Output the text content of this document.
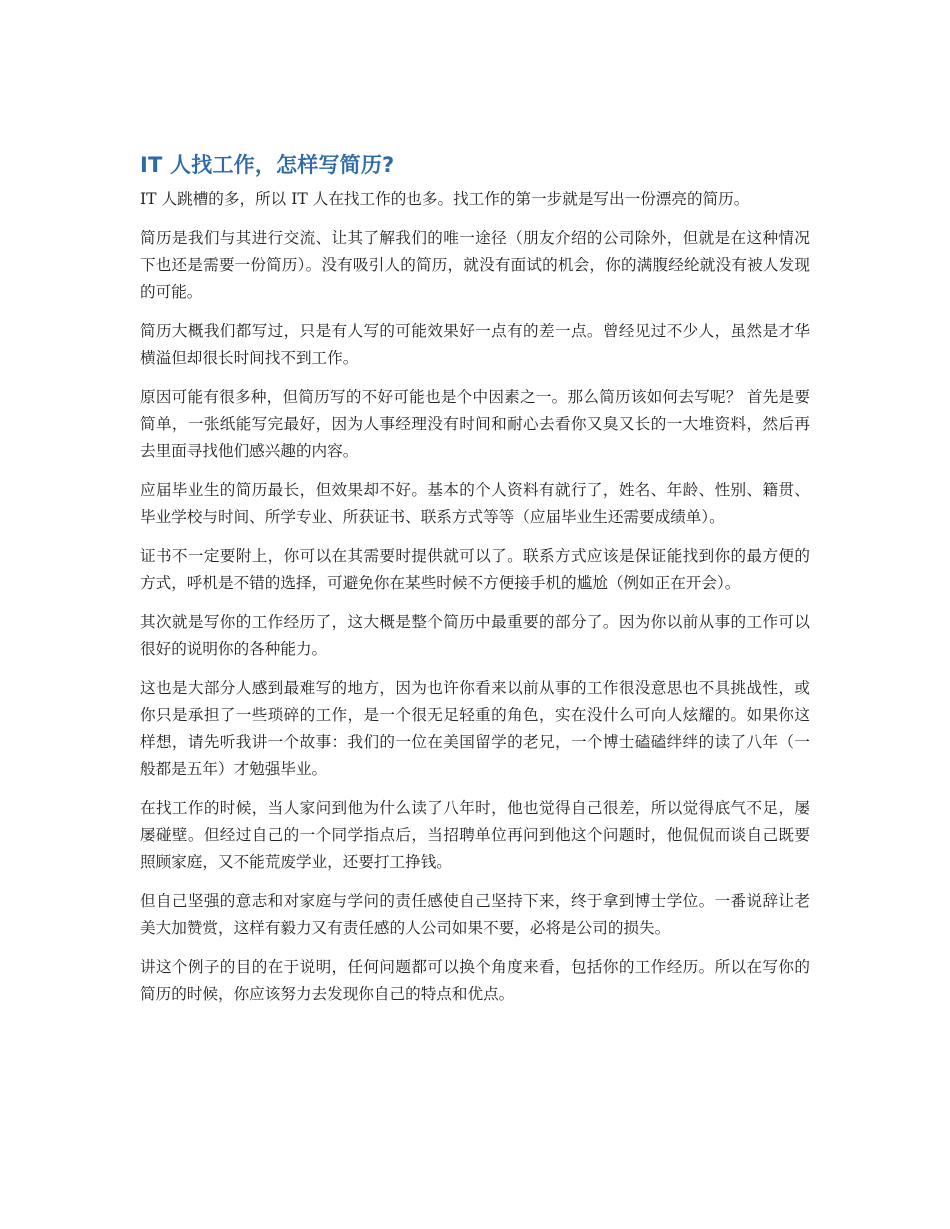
IT 人找工作，怎样写简历?

IT 人跳槽的多，所以 IT 人在找工作的也多。找工作的第一步就是写出一份漂亮的简历。

简历是我们与其进行交流、让其了解我们的唯一途径（朋友介绍的公司除外，但就是在这种情况下也还是需要一份简历）。没有吸引人的简历，就没有面试的机会，你的满腹经纶就没有被人发现的可能。

简历大概我们都写过，只是有人写的可能效果好一点有的差一点。曾经见过不少人，虽然是才华横溢但却很长时间找不到工作。

原因可能有很多种，但简历写的不好可能也是个中因素之一。那么简历该如何去写呢？ 首先是要简单，一张纸能写完最好，因为人事经理没有时间和耐心去看你又臭又长的一大堆资料，然后再去里面寻找他们感兴趣的内容。

应届毕业生的简历最长，但效果却不好。基本的个人资料有就行了，姓名、年龄、性别、籍贯、毕业学校与时间、所学专业、所获证书、联系方式等等（应届毕业生还需要成绩单）。

证书不一定要附上，你可以在其需要时提供就可以了。联系方式应该是保证能找到你的最方便的方式，呼机是不错的选择，可避免你在某些时候不方便接手机的尴尬（例如正在开会）。

其次就是写你的工作经历了，这大概是整个简历中最重要的部分了。因为你以前从事的工作可以很好的说明你的各种能力。

这也是大部分人感到最难写的地方，因为也许你看来以前从事的工作很没意思也不具挑战性，或你只是承担了一些琐碎的工作，是一个很无足轻重的角色，实在没什么可向人炫耀的。如果你这样想，请先听我讲一个故事：我们的一位在美国留学的老兄，一个博士磕磕绊绊的读了八年（一般都是五年）才勉强毕业。

在找工作的时候，当人家问到他为什么读了八年时，他也觉得自己很差，所以觉得底气不足，屡屡碰壁。但经过自己的一个同学指点后，当招聘单位再问到他这个问题时，他侃侃而谈自己既要照顾家庭，又不能荒废学业，还要打工挣钱。

但自己坚强的意志和对家庭与学问的责任感使自己坚持下来，终于拿到博士学位。一番说辞让老美大加赞赏，这样有毅力又有责任感的人公司如果不要，必将是公司的损失。

讲这个例子的目的在于说明，任何问题都可以换个角度来看，包括你的工作经历。所以在写你的简历的时候，你应该努力去发现你自己的特点和优点。
